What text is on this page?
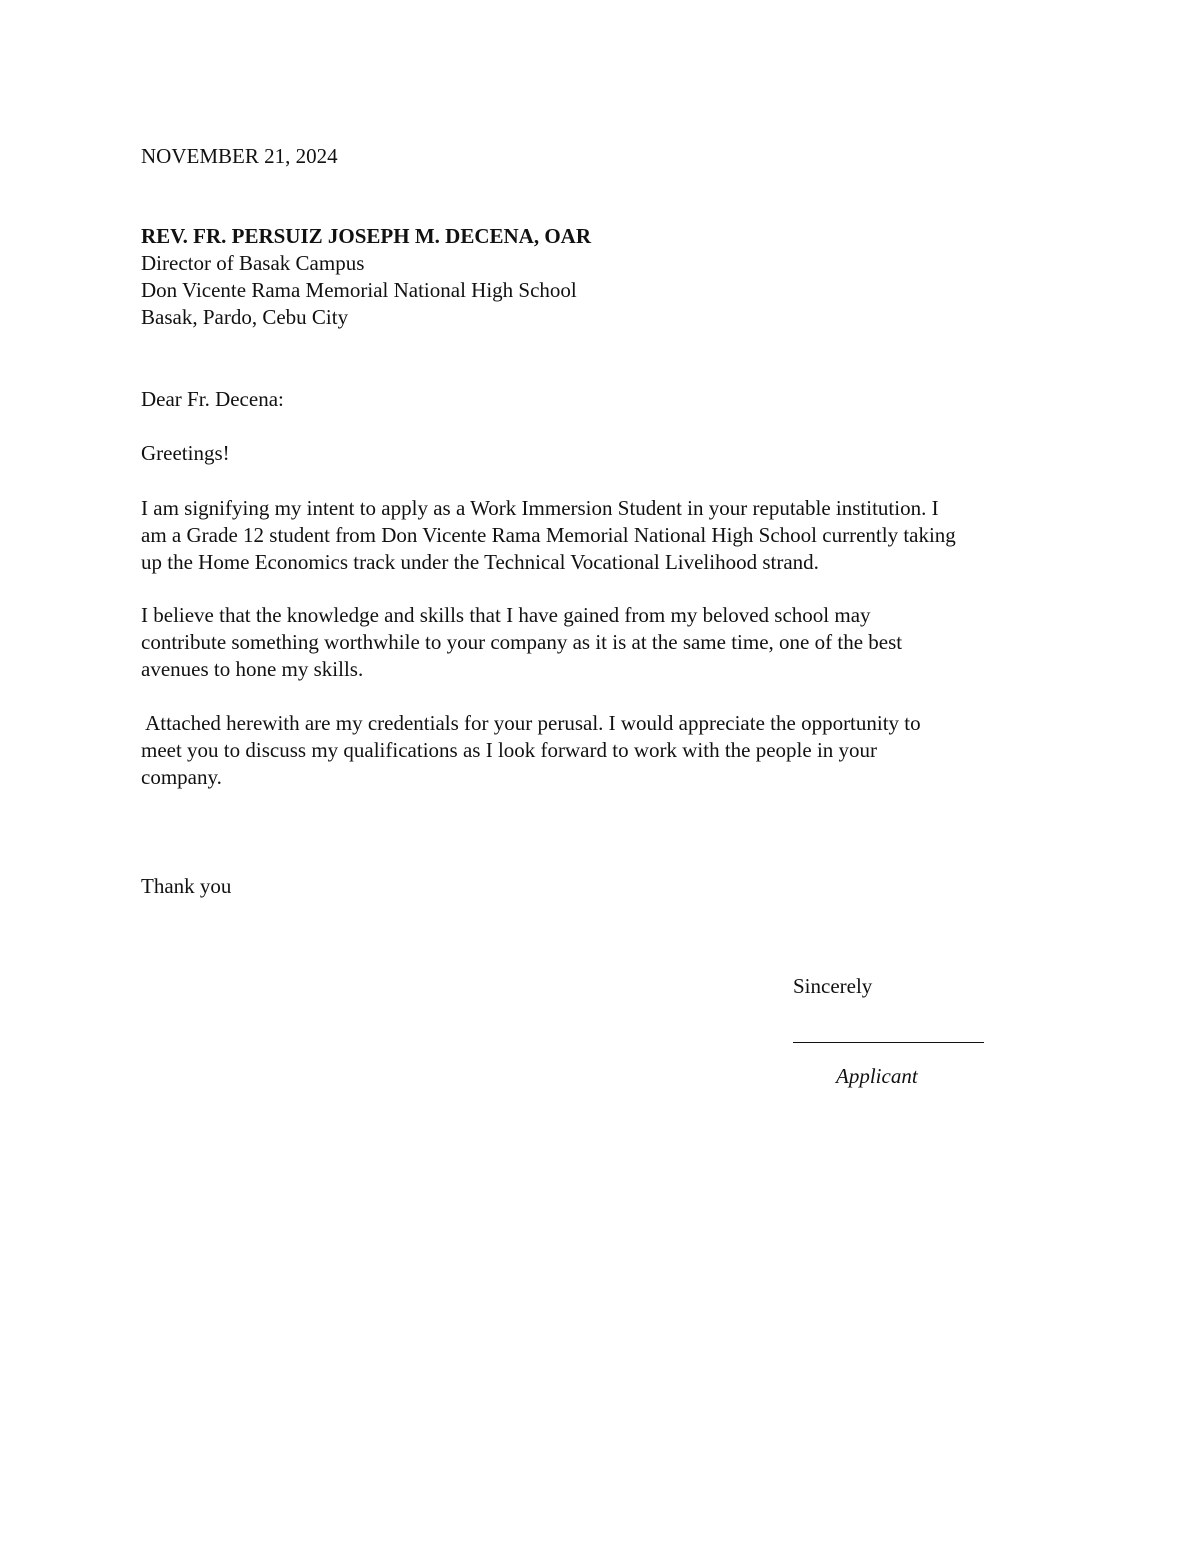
NOVEMBER 21, 2024

REV. FR. PERSUIZ JOSEPH M. DECENA, OAR
Director of Basak Campus
Don Vicente Rama Memorial National High School
Basak, Pardo, Cebu City

Dear Fr. Decena:

Greetings!

I am signifying my intent to apply as a Work Immersion Student in your reputable institution. I
am a Grade 12 student from Don Vicente Rama Memorial National High School currently taking
up the Home Economics track under the Technical Vocational Livelihood strand.
I believe that the knowledge and skills that I have gained from my beloved school may
contribute something worthwhile to your company as it is at the same time, one of the best
avenues to hone my skills.
Attached herewith are my credentials for your perusal. I would appreciate the opportunity to
meet you to discuss my qualifications as I look forward to work with the people in your
company.

Thank you

Sincerely

Applicant
